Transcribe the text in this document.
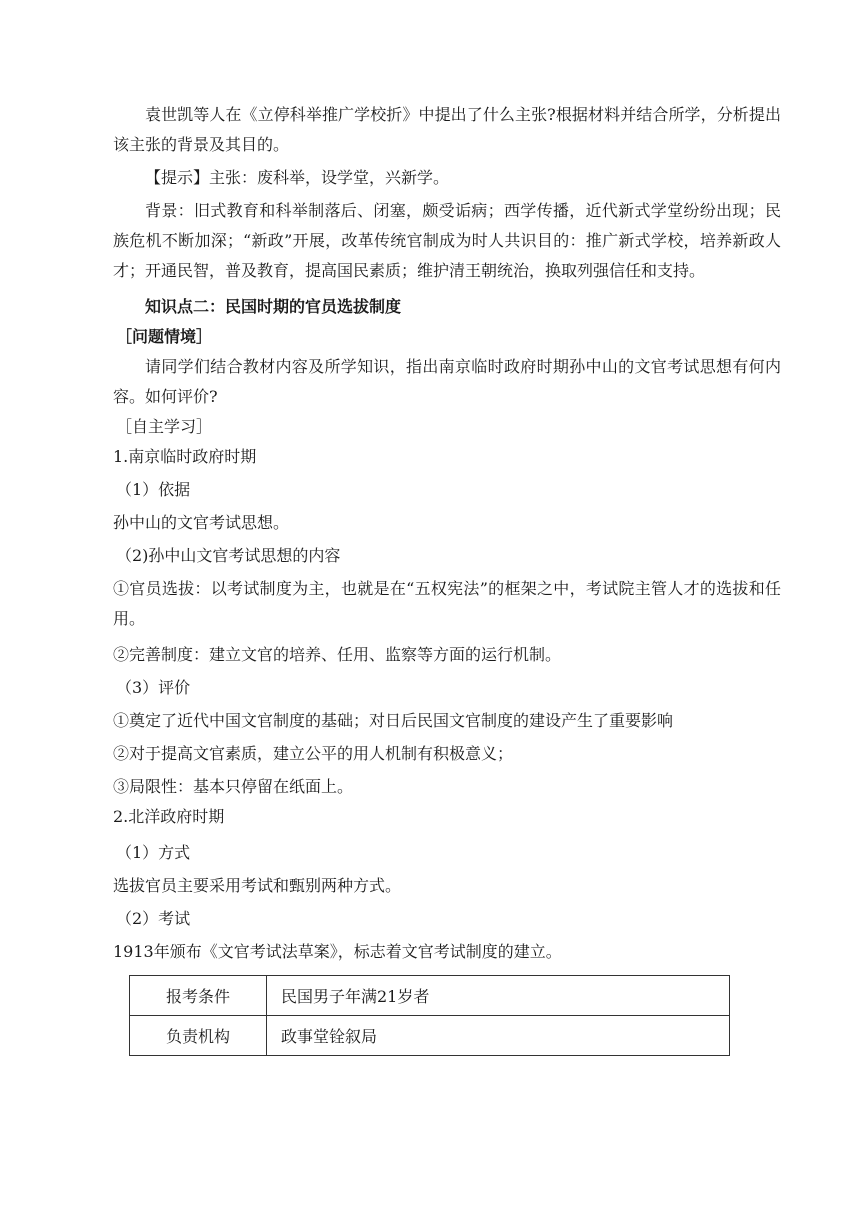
袁世凯等人在《立停科举推广学校折》中提出了什么主张?根据材料并结合所学，分析提出该主张的背景及其目的。

【提示】主张：废科举，设学堂，兴新学。

背景：旧式教育和科举制落后、闭塞，颇受诟病；西学传播，近代新式学堂纷纷出现；民族危机不断加深；“新政”开展，改革传统官制成为时人共识目的：推广新式学校，培养新政人才；开通民智，普及教育，提高国民素质；维护清王朝统治，换取列强信任和支持。

知识点二：民国时期的官员选拔制度

［问题情境］

请同学们结合教材内容及所学知识，指出南京临时政府时期孙中山的文官考试思想有何内容。如何评价?

［自主学习］

1.南京临时政府时期

（1）依据

孙中山的文官考试思想。

（2)孙中山文官考试思想的内容

①官员选拔：以考试制度为主，也就是在“五权宪法”的框架之中，考试院主管人才的选拔和任用。

②完善制度：建立文官的培养、任用、监察等方面的运行机制。

（3）评价

①奠定了近代中国文官制度的基础；对日后民国文官制度的建设产生了重要影响

②对于提高文官素质，建立公平的用人机制有积极意义；

③局限性：基本只停留在纸面上。

2.北洋政府时期

（1）方式

选拔官员主要采用考试和甄别两种方式。

（2）考试

1913年颁布《文官考试法草案》，标志着文官考试制度的建立。

报考条件	民国男子年满21岁者
负责机构	政事堂铨叙局
